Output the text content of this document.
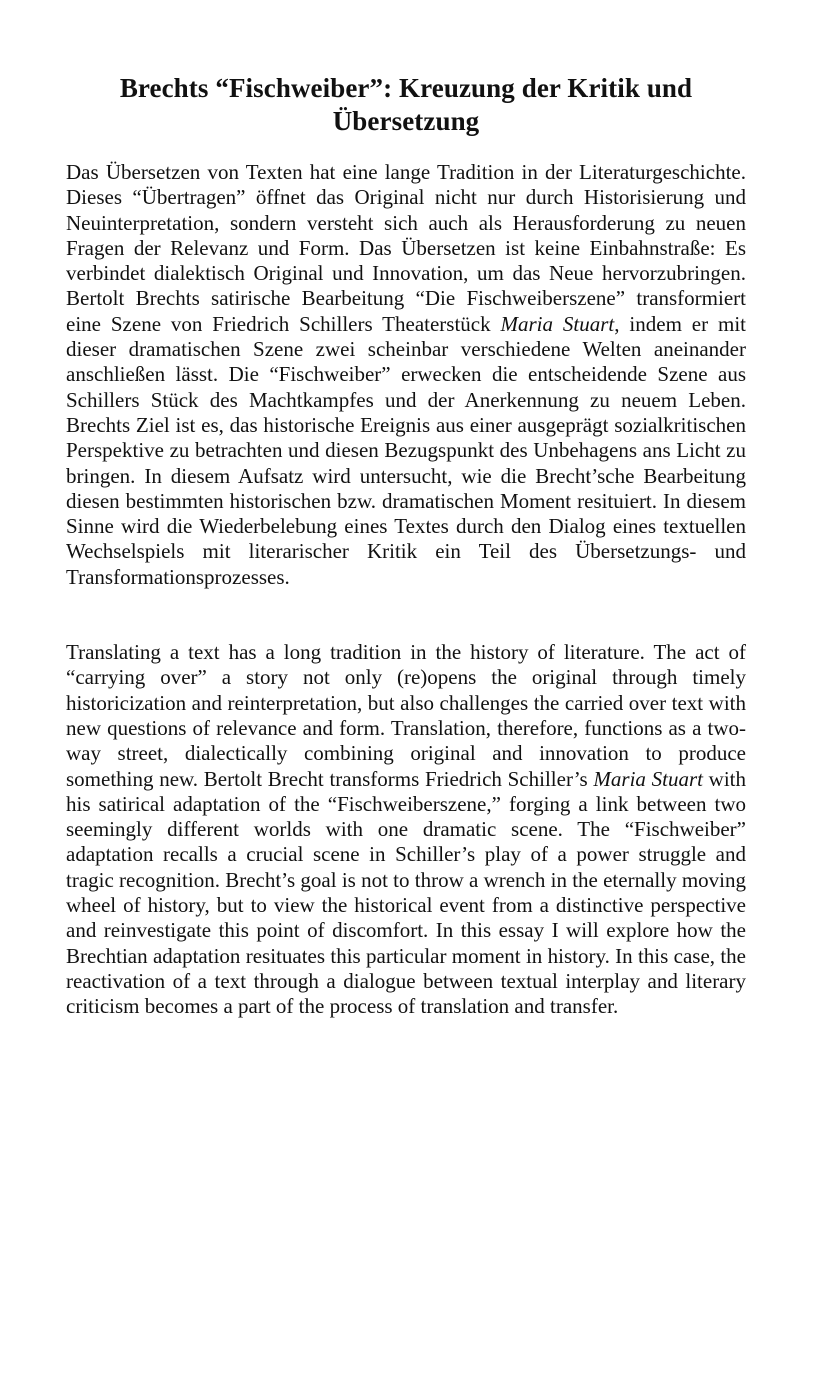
Brechts “Fischweiber”: Kreuzung der Kritik und Übersetzung

Das Übersetzen von Texten hat eine lange Tradition in der Literaturgeschichte. Dieses “Übertragen” öffnet das Original nicht nur durch Historisierung und Neuinterpretation, sondern versteht sich auch als Herausforderung zu neuen Fragen der Relevanz und Form. Das Übersetzen ist keine Einbahnstraße: Es verbindet dialektisch Original und Innovation, um das Neue hervorzubringen. Bertolt Brechts satirische Bearbeitung “Die Fischweiberszene” transformiert eine Szene von Friedrich Schillers Theaterstück Maria Stuart, indem er mit dieser dramatischen Szene zwei scheinbar verschiedene Welten aneinander anschließen lässt. Die “Fischweiber” erwecken die entscheidende Szene aus Schillers Stück des Machtkampfes und der Anerkennung zu neuem Leben. Brechts Ziel ist es, das historische Ereignis aus einer ausgeprägt sozialkritischen Perspektive zu betrachten und diesen Bezugspunkt des Unbehagens ans Licht zu bringen. In diesem Aufsatz wird untersucht, wie die Brecht’sche Bearbeitung diesen bestimmten historischen bzw. dramatischen Moment resituiert. In diesem Sinne wird die Wiederbelebung eines Textes durch den Dialog eines textuellen Wechselspiels mit literarischer Kritik ein Teil des Übersetzungs- und Transformationsprozesses.

Translating a text has a long tradition in the history of literature. The act of “carrying over” a story not only (re)opens the original through timely historicization and reinterpretation, but also challenges the carried over text with new questions of relevance and form. Translation, therefore, functions as a two-way street, dialectically combining original and innovation to produce something new. Bertolt Brecht transforms Friedrich Schiller’s Maria Stuart with his satirical adaptation of the “Fischweiberszene,” forging a link between two seemingly different worlds with one dramatic scene. The “Fischweiber” adaptation recalls a crucial scene in Schiller’s play of a power struggle and tragic recognition. Brecht’s goal is not to throw a wrench in the eternally moving wheel of history, but to view the historical event from a distinctive perspective and reinvestigate this point of discomfort. In this essay I will explore how the Brechtian adaptation resituates this particular moment in history. In this case, the reactivation of a text through a dialogue between textual interplay and literary criticism becomes a part of the process of translation and transfer.
